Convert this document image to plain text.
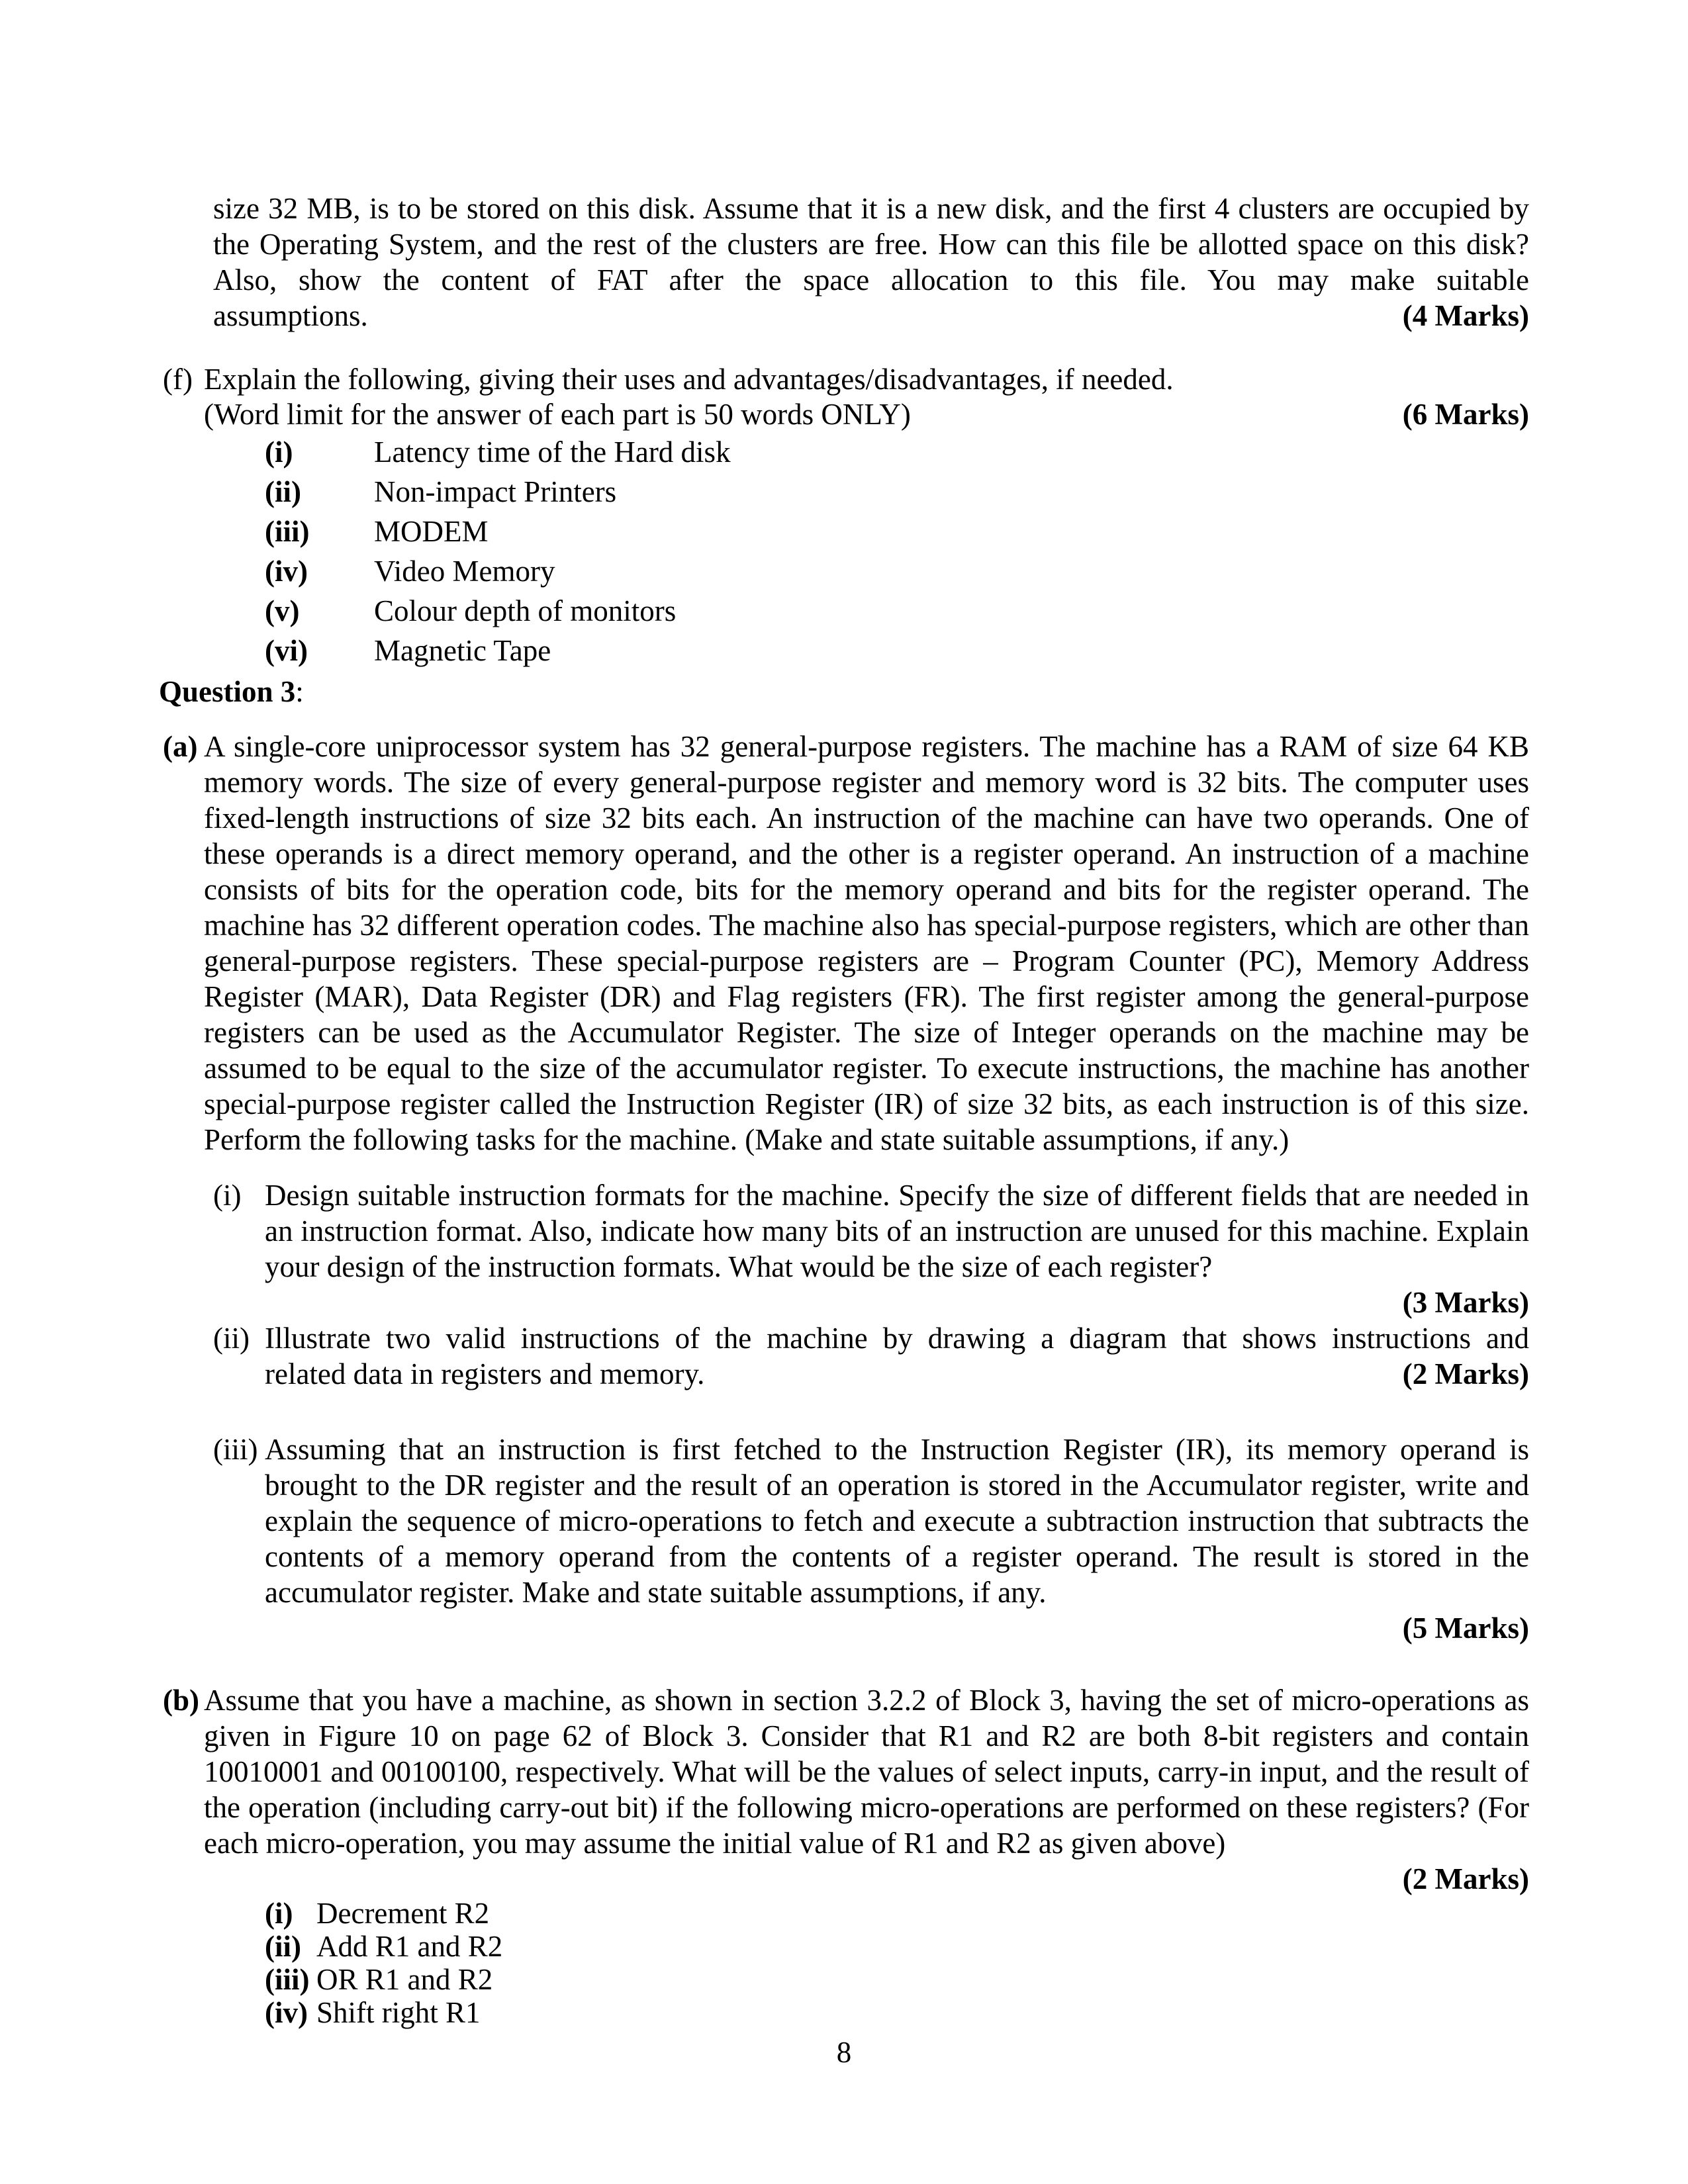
size 32 MB, is to be stored on this disk. Assume that it is a new disk, and the first 4 clusters are occupied by the Operating System, and the rest of the clusters are free. How can this file be allotted space on this disk? Also, show the content of FAT after the space allocation to this file. You may make suitable

assumptions.	(4 Marks)
(f) Explain the following, giving their uses and advantages/disadvantages, if needed.

(Word limit for the answer of each part is 50 words ONLY)	(6 Marks)
(i)	Latency time of the Hard disk
(ii) Non-impact Printers
(iii) MODEM
(iv) Video Memory
(v)	Colour depth of monitors
(vi) Magnetic Tape
Question 3:
(a) A single-core uniprocessor system has 32 general-purpose registers. The machine has a RAM of size 64 KB memory words. The size of every general-purpose register and memory word is 32 bits. The computer uses fixed-length instructions of size 32 bits each. An instruction of the machine can have two operands. One of these operands is a direct memory operand, and the other is a register operand. An instruction of a machine consists of bits for the operation code, bits for the memory operand and bits for the register operand. The machine has 32 different operation codes. The machine also has special-purpose registers, which are other than general-purpose registers. These special-purpose registers are – Program Counter (PC), Memory Address Register (MAR), Data Register (DR) and Flag registers (FR). The first register among the general-purpose registers can be used as the Accumulator Register. The size of Integer operands on the machine may be assumed to be equal to the size of the accumulator register. To execute instructions, the machine has another special-purpose register called the Instruction Register (IR) of size 32 bits, as each instruction is of this size. Perform the following tasks for the machine. (Make and state suitable assumptions, if any.)

(i) Design suitable instruction formats for the machine. Specify the size of different fields that are needed in an instruction format. Also, indicate how many bits of an instruction are unused for this machine. Explain your design of the instruction formats. What would be the size of each register?

(3 Marks)
(ii) Illustrate two valid instructions of the machine by drawing a diagram that shows instructions and

related data in registers and memory.	(2 Marks)
(iii) Assuming that an instruction is first fetched to the Instruction Register (IR), its memory operand is brought to the DR register and the result of an operation is stored in the Accumulator register, write and explain the sequence of micro-operations to fetch and execute a subtraction instruction that subtracts the contents of a memory operand from the contents of a register operand. The result is stored in the accumulator register. Make and state suitable assumptions, if any.

(5 Marks)
(b) Assume that you have a machine, as shown in section 3.2.2 of Block 3, having the set of micro-operations as given in Figure 10 on page 62 of Block 3. Consider that R1 and R2 are both 8-bit registers and contain 10010001 and 00100100, respectively. What will be the values of select inputs, carry-in input, and the result of the operation (including carry-out bit) if the following micro-operations are performed on these registers? (For each micro-operation, you may assume the initial value of R1 and R2 as given above)

(2 Marks)
(i) Decrement R2
(ii) Add R1 and R2
(iii) OR R1 and R2
(iv) Shift right R1
8
